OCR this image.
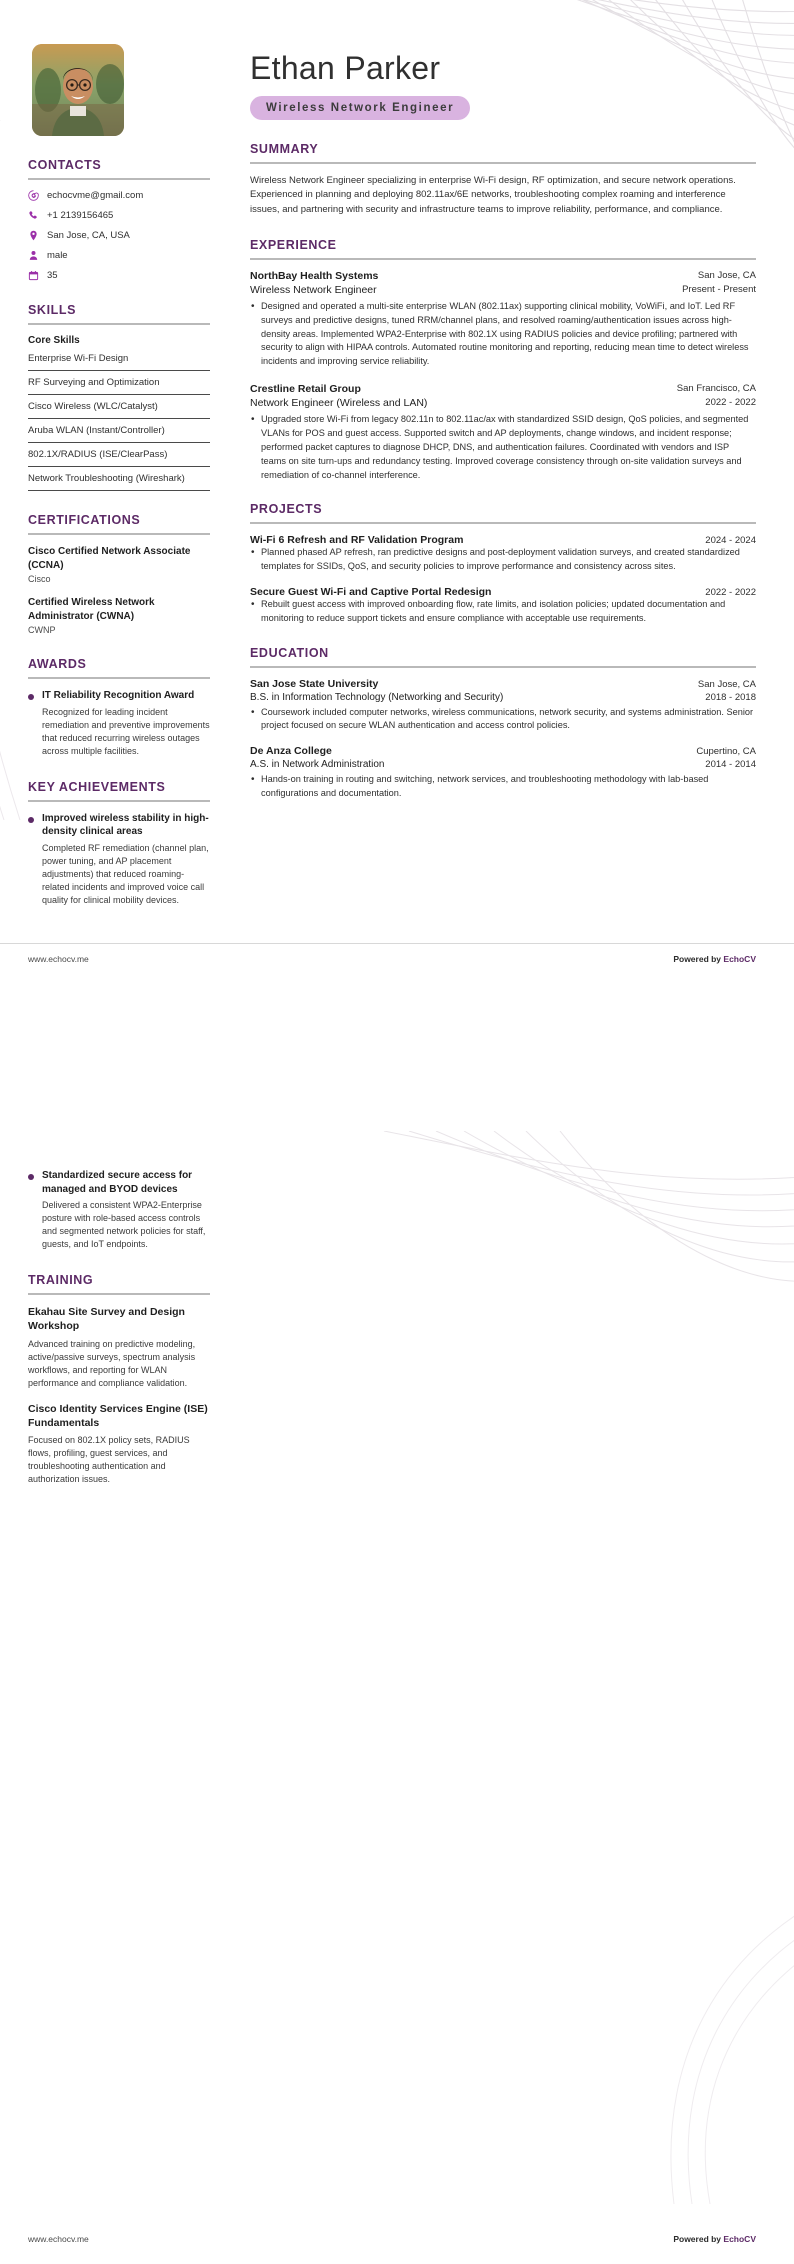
CONTACTS
echocvme@gmail.com
+1 2139156465
San Jose, CA, USA
male
35
SKILLS
Core Skills
Enterprise Wi-Fi Design
RF Surveying and Optimization
Cisco Wireless (WLC/Catalyst)
Aruba WLAN (Instant/Controller)
802.1X/RADIUS (ISE/ClearPass)
Network Troubleshooting (Wireshark)
CERTIFICATIONS
Cisco Certified Network Associate (CCNA)
Cisco
Certified Wireless Network Administrator (CWNA)
CWNP
AWARDS
IT Reliability Recognition Award
Recognized for leading incident remediation and preventive improvements that reduced recurring wireless outages across multiple facilities.
KEY ACHIEVEMENTS
Improved wireless stability in high-density clinical areas
Completed RF remediation (channel plan, power tuning, and AP placement adjustments) that reduced roaming-related incidents and improved voice call quality for clinical mobility devices.
Ethan Parker
Wireless Network Engineer
SUMMARY
Wireless Network Engineer specializing in enterprise Wi-Fi design, RF optimization, and secure network operations. Experienced in planning and deploying 802.11ax/6E networks, troubleshooting complex roaming and interference issues, and partnering with security and infrastructure teams to improve reliability, performance, and compliance.
EXPERIENCE
NorthBay Health Systems	San Jose, CA
Wireless Network Engineer	Present - Present
• Designed and operated a multi-site enterprise WLAN (802.11ax) supporting clinical mobility, VoWiFi, and IoT. Led RF surveys and predictive designs, tuned RRM/channel plans, and resolved roaming/authentication issues across high-density areas. Implemented WPA2-Enterprise with 802.1X using RADIUS policies and device profiling; partnered with security to align with HIPAA controls. Automated routine monitoring and reporting, reducing mean time to detect wireless incidents and improving service reliability.
Crestline Retail Group	San Francisco, CA
Network Engineer (Wireless and LAN)	2022 - 2022
• Upgraded store Wi-Fi from legacy 802.11n to 802.11ac/ax with standardized SSID design, QoS policies, and segmented VLANs for POS and guest access. Supported switch and AP deployments, change windows, and incident response; performed packet captures to diagnose DHCP, DNS, and authentication failures. Coordinated with vendors and ISP teams on site turn-ups and redundancy testing. Improved coverage consistency through on-site validation surveys and remediation of co-channel interference.
PROJECTS
Wi-Fi 6 Refresh and RF Validation Program	2024 - 2024
• Planned phased AP refresh, ran predictive designs and post-deployment validation surveys, and created standardized templates for SSIDs, QoS, and security policies to improve performance and consistency across sites.
Secure Guest Wi-Fi and Captive Portal Redesign	2022 - 2022
• Rebuilt guest access with improved onboarding flow, rate limits, and isolation policies; updated documentation and monitoring to reduce support tickets and ensure compliance with acceptable use requirements.
EDUCATION
San Jose State University	San Jose, CA
B.S. in Information Technology (Networking and Security)	2018 - 2018
• Coursework included computer networks, wireless communications, network security, and systems administration. Senior project focused on secure WLAN authentication and access control policies.
De Anza College	Cupertino, CA
A.S. in Network Administration	2014 - 2014
• Hands-on training in routing and switching, network services, and troubleshooting methodology with lab-based configurations and documentation.
www.echocv.me	Powered by EchoCV
Standardized secure access for managed and BYOD devices
Delivered a consistent WPA2-Enterprise posture with role-based access controls and segmented network policies for staff, guests, and IoT endpoints.
TRAINING
Ekahau Site Survey and Design Workshop
Advanced training on predictive modeling, active/passive surveys, spectrum analysis workflows, and reporting for WLAN performance and compliance validation.
Cisco Identity Services Engine (ISE) Fundamentals
Focused on 802.1X policy sets, RADIUS flows, profiling, guest services, and troubleshooting authentication and authorization issues.
www.echocv.me	Powered by EchoCV
